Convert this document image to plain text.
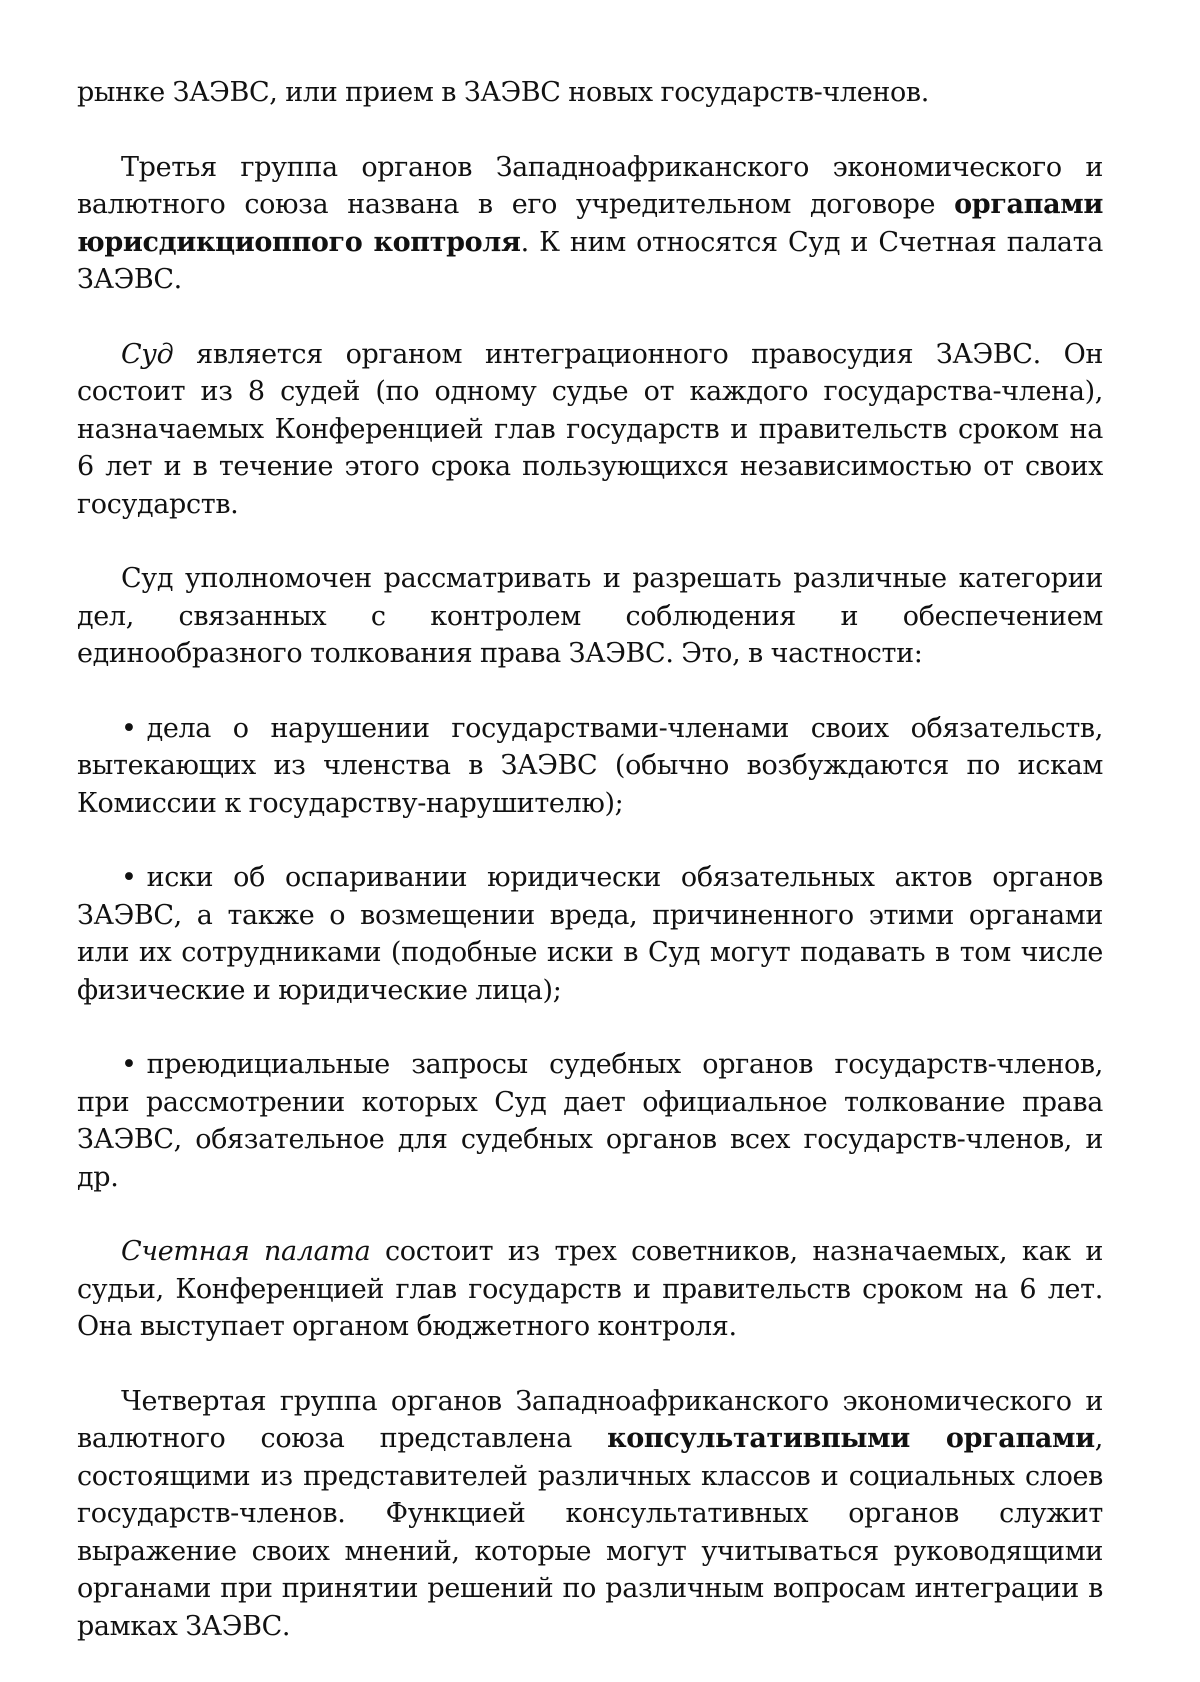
рынке ЗАЭВС, или прием в ЗАЭВС новых государств-членов.

Третья группа органов Западноафриканского экономического и валютного союза названа в его учредительном договоре оргапами юрисдикциоппого коптроля. К ним относятся Суд и Счетная палата ЗАЭВС.

Суд является органом интеграционного правосудия ЗАЭВС. Он состоит из 8 судей (по одному судье от каждого государства-члена), назначаемых Конференцией глав государств и правительств сроком на 6 лет и в течение этого срока пользующихся независимостью от своих государств.

Суд уполномочен рассматривать и разрешать различные категории дел, связанных с контролем соблюдения и обеспечением единообразного толкования права ЗАЭВС. Это, в частности:

• дела о нарушении государствами-членами своих обязательств, вытекающих из членства в ЗАЭВС (обычно возбуждаются по искам Комиссии к государству-нарушителю);

• иски об оспаривании юридически обязательных актов органов ЗАЭВС, а также о возмещении вреда, причиненного этими органами или их сотрудниками (подобные иски в Суд могут подавать в том числе физические и юридические лица);

• преюдициальные запросы судебных органов государств-членов, при рассмотрении которых Суд дает официальное толкование права ЗАЭВС, обязательное для судебных органов всех государств-членов, и др.

Счетная палата состоит из трех советников, назначаемых, как и судьи, Конференцией глав государств и правительств сроком на 6 лет. Она выступает органом бюджетного контроля.

Четвертая группа органов Западноафриканского экономического и валютного союза представлена копсультативпыми оргапами, состоящими из представителей различных классов и социальных слоев государств-членов. Функцией консультативных органов служит выражение своих мнений, которые могут учитываться руководящими органами при принятии решений по различным вопросам интеграции в рамках ЗАЭВС.
